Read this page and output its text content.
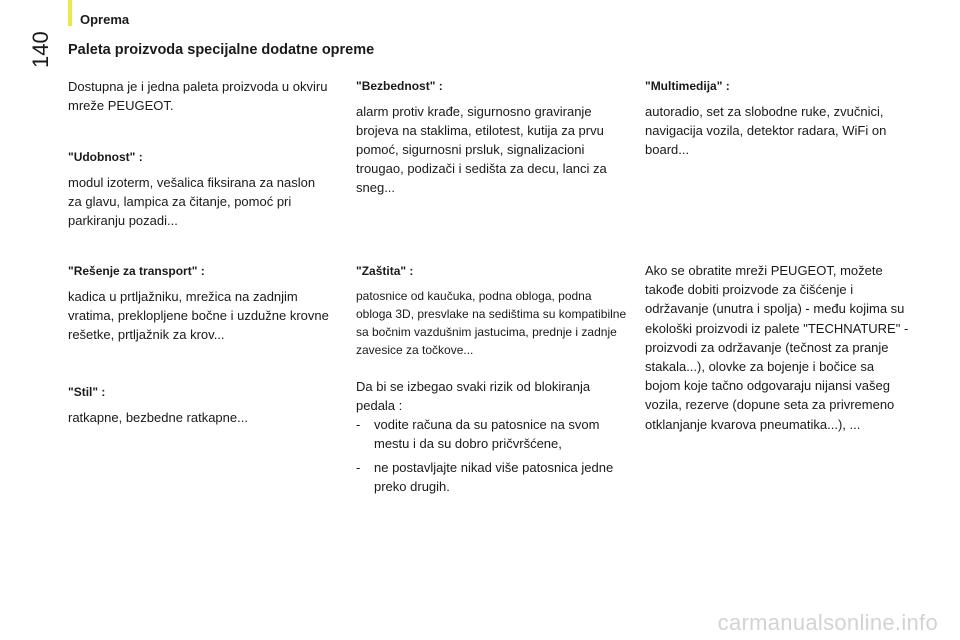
140
Oprema
Paleta proizvoda specijalne dodatne opreme

Dostupna je i jedna paleta proizvoda u okviru mreže PEUGEOT.

"Udobnost" :

modul izoterm, vešalica fiksirana za naslon za glavu, lampica za čitanje, pomoć pri parkiranju pozadi...

"Rešenje za transport" :

kadica u prtljažniku, mrežica na zadnjim vratima, preklopljene bočne i uzdužne krovne rešetke, prtljažnik za krov...

"Stil" :

ratkapne, bezbedne ratkapne...

"Bezbednost" :

alarm protiv krađe, sigurnosno graviranje brojeva na staklima, etilotest, kutija za prvu pomoć, sigurnosni prsluk, signalizacioni trougao, podizači i sedišta za decu, lanci za sneg...

"Zaštita" :

patosnice od kaučuka, podna obloga, podna obloga 3D, presvlake na sedištima su kompatibilne sa bočnim vazdušnim jastucima, prednje i zadnje zavesice za točkove...

Da bi se izbegao svaki rizik od blokiranja pedala :

- vodite računa da su patosnice na svom mestu i da su dobro pričvršćene,

- ne postavljajte nikad više patosnica jedne preko drugih.

"Multimedija" :

autoradio, set za slobodne ruke, zvučnici, navigacija vozila, detektor radara, WiFi on board...

Ako se obratite mreži PEUGEOT, možete takođe dobiti proizvode za čišćenje i održavanje (unutra i spolja) - među kojima su ekološki proizvodi iz palete "TECHNATURE" - proizvodi za održavanje (tečnost za pranje stakala...), olovke za bojenje i bočice sa bojom koje tačno odgovaraju nijansi vašeg vozila, rezerve (dopune seta za privremeno otklanjanje kvarova pneumatika...), ...

carmanualsonline.info
